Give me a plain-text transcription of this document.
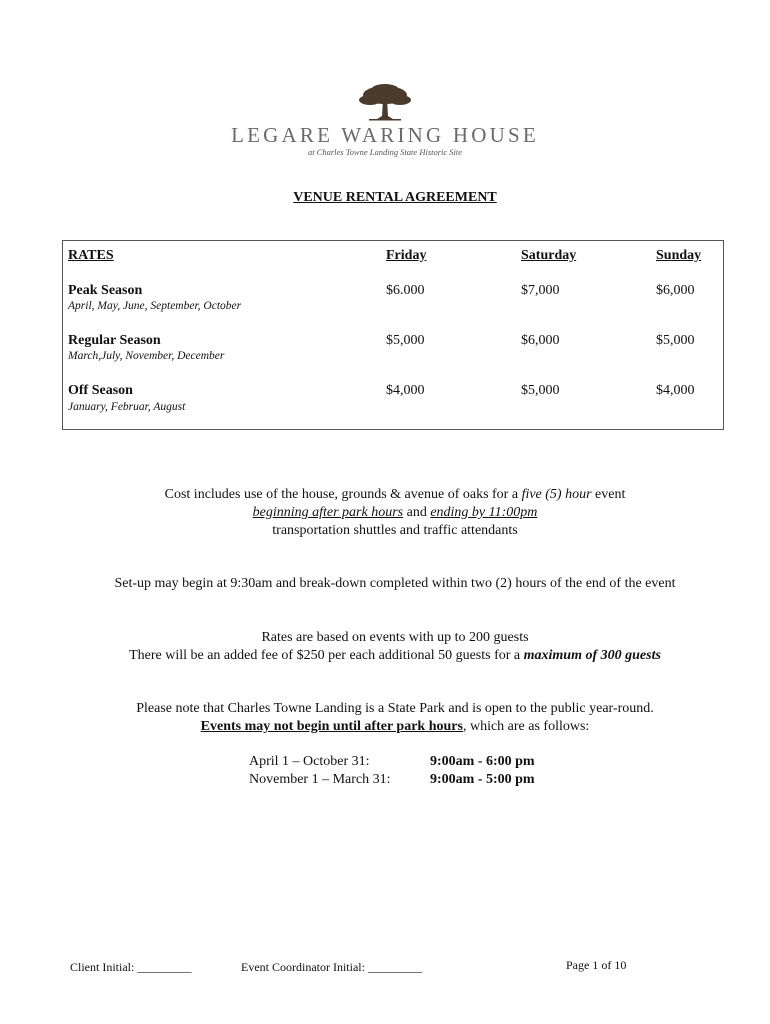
LEGARE WARING HOUSE
at Charles Towne Landing State Historic Site
VENUE RENTAL AGREEMENT
RATES	Friday	Saturday	Sunday
Peak Season
April, May, June, September, October
$6.000	$7,000	$6,000
Regular Season
March,July, November, December
$5,000	$6,000	$5,000
Off Season
January, Februar, August
$4,000	$5,000	$4,000
Cost includes use of the house, grounds & avenue of oaks for a five (5) hour event
beginning after park hours and ending by 11:00pm
transportation shuttles and traffic attendants
Set-up may begin at 9:30am and break-down completed within two (2) hours of the end of the event
Rates are based on events with up to 200 guests
There will be an added fee of $250 per each additional 50 guests for a maximum of 300 guests
Please note that Charles Towne Landing is a State Park and is open to the public year-round.
Events may not begin until after park hours, which are as follows:
April 1 – October 31:	9:00am - 6:00 pm
November 1 – March 31:	9:00am - 5:00 pm
Client Initial: _________	Event Coordinator Initial: _________	Page 1 of 10
